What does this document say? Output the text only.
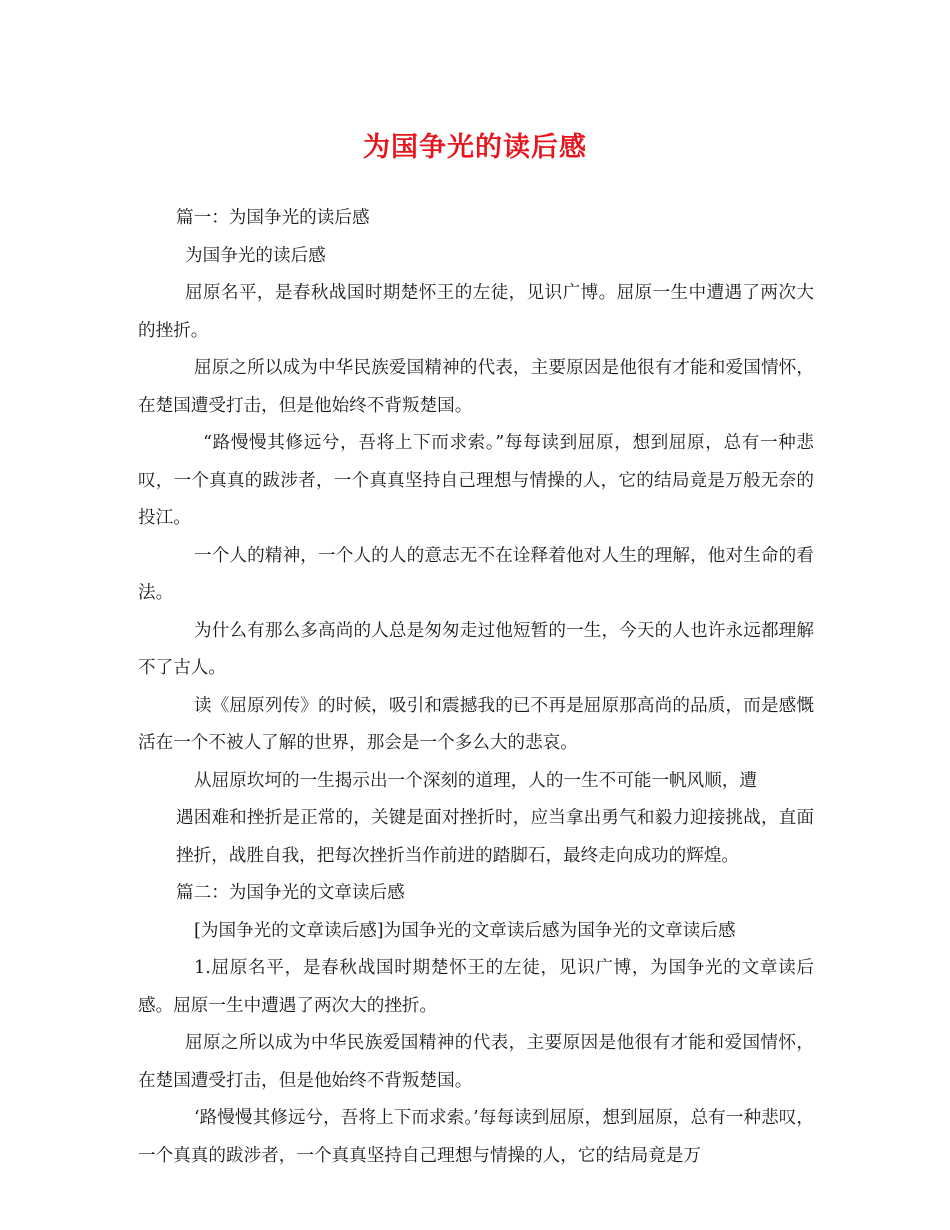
为国争光的读后感

篇一：为国争光的读后感

为国争光的读后感

屈原名平，是春秋战国时期楚怀王的左徒，见识广博。屈原一生中遭遇了两次大的挫折。

屈原之所以成为中华民族爱国精神的代表，主要原因是他很有才能和爱国情怀，在楚国遭受打击，但是他始终不背叛楚国。

“路慢慢其修远兮，吾将上下而求索。”每每读到屈原，想到屈原，总有一种悲叹，一个真真的跋涉者，一个真真坚持自己理想与情操的人，它的结局竟是万般无奈的投江。

一个人的精神，一个人的人的意志无不在诠释着他对人生的理解，他对生命的看法。

为什么有那么多高尚的人总是匆匆走过他短暂的一生，今天的人也许永远都理解不了古人。

读《屈原列传》的时候，吸引和震撼我的已不再是屈原那高尚的品质，而是感慨活在一个不被人了解的世界，那会是一个多么大的悲哀。

从屈原坎坷的一生揭示出一个深刻的道理，人的一生不可能一帆风顺，遭

遇困难和挫折是正常的，关键是面对挫折时，应当拿出勇气和毅力迎接挑战，直面挫折，战胜自我，把每次挫折当作前进的踏脚石，最终走向成功的辉煌。

篇二：为国争光的文章读后感

[为国争光的文章读后感]为国争光的文章读后感为国争光的文章读后感

1.屈原名平，是春秋战国时期楚怀王的左徒，见识广博，为国争光的文章读后感。屈原一生中遭遇了两次大的挫折。

屈原之所以成为中华民族爱国精神的代表，主要原因是他很有才能和爱国情怀，在楚国遭受打击，但是他始终不背叛楚国。

‘路慢慢其修远兮，吾将上下而求索。’每每读到屈原，想到屈原，总有一种悲叹，一个真真的跋涉者，一个真真坚持自己理想与情操的人，它的结局竟是万
